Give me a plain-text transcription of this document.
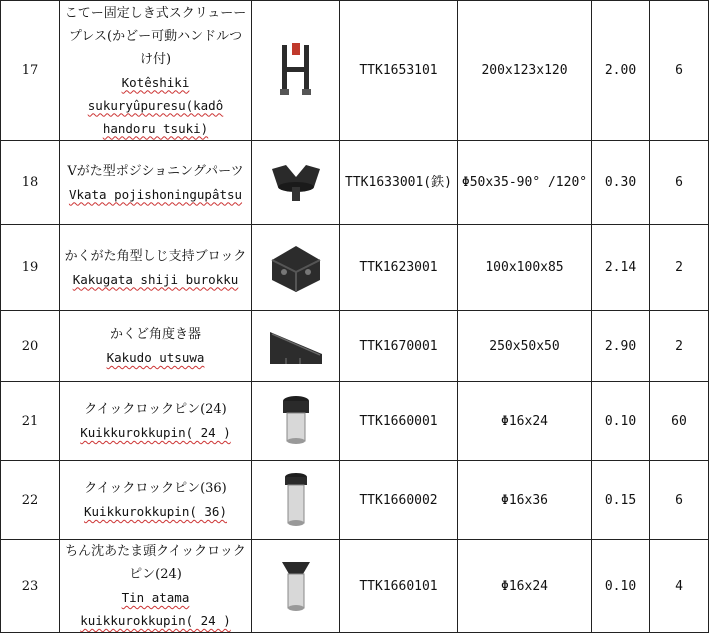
17	こてー固定しき式スクリューープレス(かどー可動ハンドルつけ付)
Kotêshiki sukuryûpuresu(kadô handoru tsuki)		TTK1653101	200x123x120	2.00	6
18	Vがた型ポジショニングパーツ
Vkata pojishoningupâtsu		TTK1633001(鉄)	Φ50x35-90° /120°	0.30	6
19	かくがた角型しじ支持ブロック
Kakugata shiji burokku		TTK1623001	100x100x85	2.14	2
20	かくど角度き器
Kakudo utsuwa		TTK1670001	250x50x50	2.90	2
21	クイックロックピン(24)
Kuikkurokkupin( 24 )		TTK1660001	Φ16x24	0.10	60
22	クイックロックピン(36)
Kuikkurokkupin( 36)		TTK1660002	Φ16x36	0.15	6
23	ちん沈あたま頭クイックロックピン(24)
Tin atama kuikkurokkupin( 24 )		TTK1660101	Φ16x24	0.10	4
